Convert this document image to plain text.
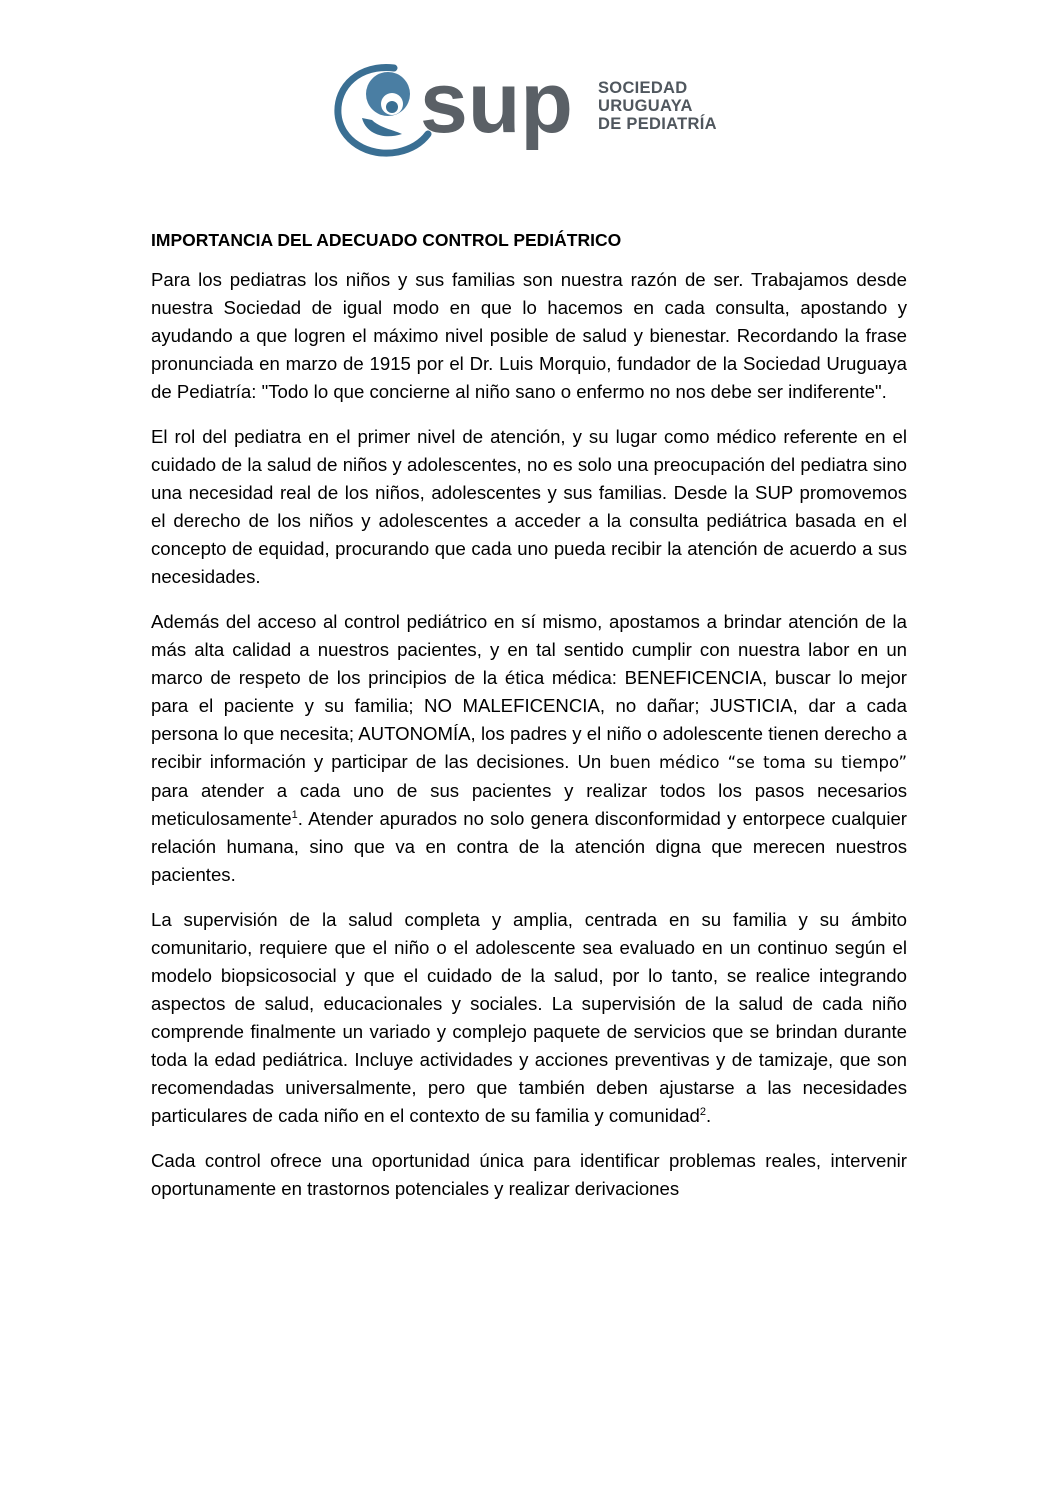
sup SOCIEDAD
URUGUAYA
DE PEDIATRÍA
IMPORTANCIA DEL ADECUADO CONTROL PEDIÁTRICO

Para los pediatras los niños y sus familias son nuestra razón de ser. Trabajamos desde nuestra Sociedad de igual modo en que lo hacemos en cada consulta, apostando y ayudando a que logren el máximo nivel posible de salud y bienestar. Recordando la frase pronunciada en marzo de 1915 por el Dr. Luis Morquio, fundador de la Sociedad Uruguaya de Pediatría: "Todo lo que concierne al niño sano o enfermo no nos debe ser indiferente".

El rol del pediatra en el primer nivel de atención, y su lugar como médico referente en el cuidado de la salud de niños y adolescentes, no es solo una preocupación del pediatra sino una necesidad real de los niños, adolescentes y sus familias. Desde la SUP promovemos el derecho de los niños y adolescentes a acceder a la consulta pediátrica basada en el concepto de equidad, procurando que cada uno pueda recibir la atención de acuerdo a sus necesidades.

Además del acceso al control pediátrico en sí mismo, apostamos a brindar atención de la más alta calidad a nuestros pacientes, y en tal sentido cumplir con nuestra labor en un marco de respeto de los principios de la ética médica: BENEFICENCIA, buscar lo mejor para el paciente y su familia; NO MALEFICENCIA, no dañar; JUSTICIA, dar a cada persona lo que necesita; AUTONOMÍA, los padres y el niño o adolescente tienen derecho a recibir información y participar de las decisiones. Un buen médico “se toma su tiempo” para atender a cada uno de sus pacientes y realizar todos los pasos necesarios meticulosamente$^1$. Atender apurados no solo genera disconformidad y entorpece cualquier relación humana, sino que va en contra de la atención digna que merecen nuestros pacientes.

La supervisión de la salud completa y amplia, centrada en su familia y su ámbito comunitario, requiere que el niño o el adolescente sea evaluado en un continuo según el modelo biopsicosocial y que el cuidado de la salud, por lo tanto, se realice integrando aspectos de salud, educacionales y sociales. La supervisión de la salud de cada niño comprende finalmente un variado y complejo paquete de servicios que se brindan durante toda la edad pediátrica. Incluye actividades y acciones preventivas y de tamizaje, que son recomendadas universalmente, pero que también deben ajustarse a las necesidades particulares de cada niño en el contexto de su familia y comunidad$^2$.

Cada control ofrece una oportunidad única para identificar problemas reales, intervenir oportunamente en trastornos potenciales y realizar derivaciones
